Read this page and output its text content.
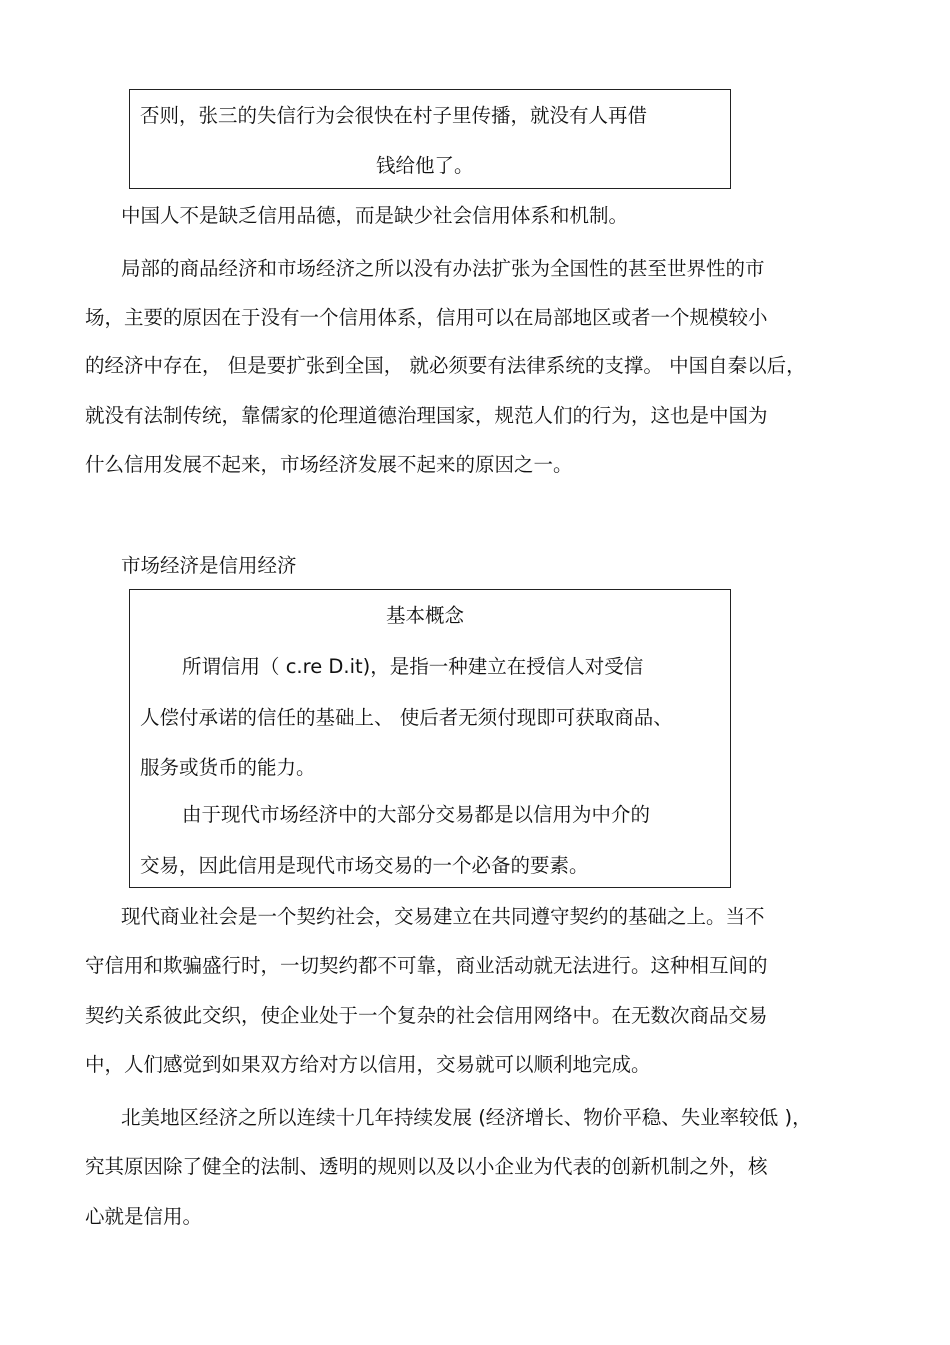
否则，张三的失信行为会很快在村子里传播，就没有人再借

钱给他了。

中国人不是缺乏信用品德，而是缺少社会信用体系和机制。

局部的商品经济和市场经济之所以没有办法扩张为全国性的甚至世界性的市

场，主要的原因在于没有一个信用体系，信用可以在局部地区或者一个规模较小

的经济中存在， 但是要扩张到全国， 就必须要有法律系统的支撑。 中国自秦以后，

就没有法制传统，靠儒家的伦理道德治理国家，规范人们的行为，这也是中国为

什么信用发展不起来，市场经济发展不起来的原因之一。

市场经济是信用经济

基本概念

所谓信用（ c.re D.it)，是指一种建立在授信人对受信

人偿付承诺的信任的基础上、 使后者无须付现即可获取商品、

服务或货币的能力。

由于现代市场经济中的大部分交易都是以信用为中介的

交易，因此信用是现代市场交易的一个必备的要素。

现代商业社会是一个契约社会，交易建立在共同遵守契约的基础之上。当不

守信用和欺骗盛行时，一切契约都不可靠，商业活动就无法进行。这种相互间的

契约关系彼此交织，使企业处于一个复杂的社会信用网络中。在无数次商品交易

中，人们感觉到如果双方给对方以信用，交易就可以顺利地完成。

北美地区经济之所以连续十几年持续发展 (经济增长、物价平稳、失业率较低 )，

究其原因除了健全的法制、透明的规则以及以小企业为代表的创新机制之外，核

心就是信用。
